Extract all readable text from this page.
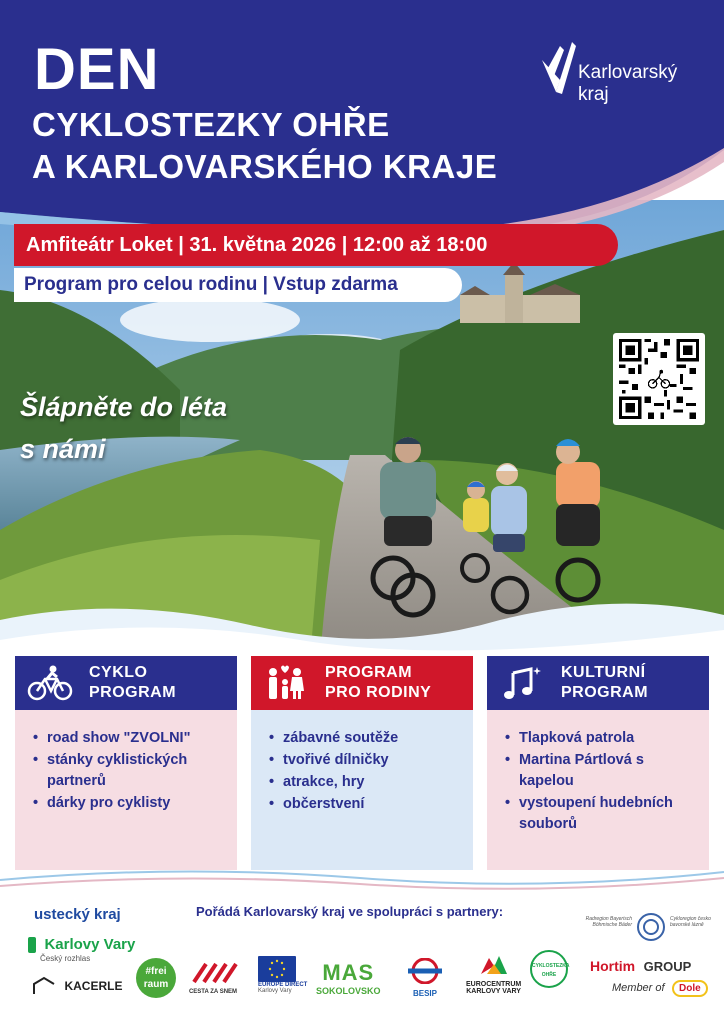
DEN
CYKLOSTEZKY OHŘE
A KARLOVARSKÉHO KRAJE
Karlovarský
kraj
Amfiteátr Loket | 31. května 2026 | 12:00 až 18:00
Program pro celou rodinu | Vstup zdarma
Šlápněte do léta
s námi
CYKLO
PROGRAM
• road show "ZVOLNI"
• stánky cyklistických partnerů
• dárky pro cyklisty
PROGRAM
PRO RODINY
• zábavné soutěže
• tvořivé dílničky
• atrakce, hry
• občerstvení
KULTURNÍ
PROGRAM
• Tlapková patrola
• Martina Pártlová s kapelou
• vystoupení hudebních souborů
Pořádá Karlovarský kraj ve spolupráci s partnery:
ustecký kraj
Karlovy Vary
Český rozhlas
KACERLE
#frei raum
CESTA ZA SNEM
EUROPE DIRECT
Karlovy Vary
MAS
SOKOLOVSKO	BESIP
EUROCENTRUM
KARLOVY VARY
CYKLOSTEZKA OHŘE
Radregion Bayerisch Böhmische Bäder
Cykloregion česko bavorské lázně
Hortim GROUP
Member of Dole
